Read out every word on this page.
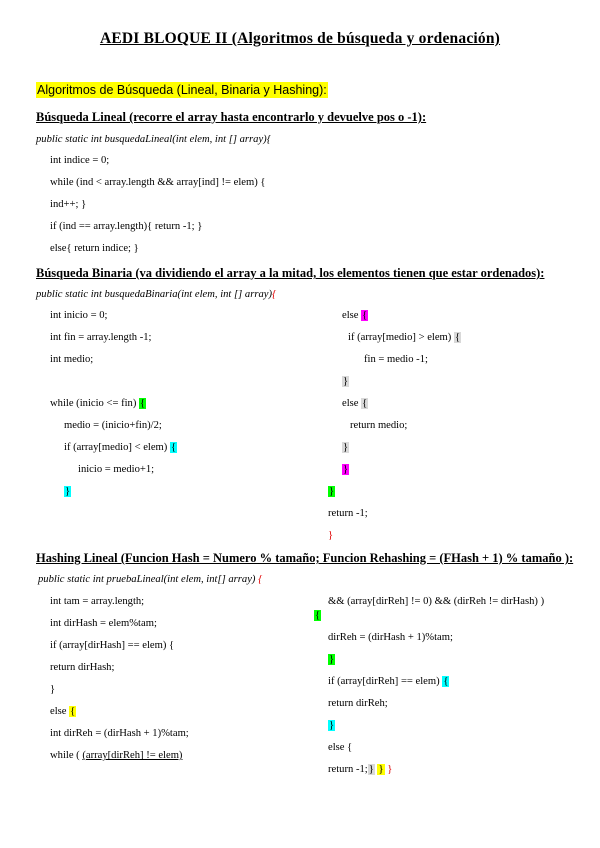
AEDI BLOQUE II (Algoritmos de búsqueda y ordenación)
Algoritmos de Búsqueda (Lineal, Binaria y Hashing):
Búsqueda Lineal (recorre el array hasta encontrarlo y devuelve pos o -1):
public static int busquedaLineal(int elem, int [] array){
int indice = 0;
while (ind < array.length && array[ind] != elem) {
ind++; }
if (ind == array.length){ return -1; }
else{ return indice; }
Búsqueda Binaria (va dividiendo el array a la mitad, los elementos tienen que estar ordenados):
public static int busquedaBinaria(int elem, int [] array){
int inicio = 0;
int fin = array.length -1;
int medio;
while (inicio <= fin) {
medio = (inicio+fin)/2;
if (array[medio] < elem) {
inicio = medio+1;
}
else {
if (array[medio] > elem) {
fin = medio -1;
}
else {
return medio;
}
}
}
return -1;
}
Hashing Lineal (Funcion Hash = Numero % tamaño; Funcion Rehashing = (FHash + 1) % tamaño ):
public static int pruebaLineal(int elem, int[] array) {
int tam = array.length;
int dirHash = elem%tam;
if (array[dirHash] == elem) {
return dirHash;
}
else {
int dirReh = (dirHash + 1)%tam;
while ( (array[dirReh] != elem)
&& (array[dirReh] != 0) && (dirReh != dirHash) )
{
dirReh = (dirHash + 1)%tam;
}
if (array[dirReh] == elem) {
return dirReh;
}
else {
return -1;} } }
